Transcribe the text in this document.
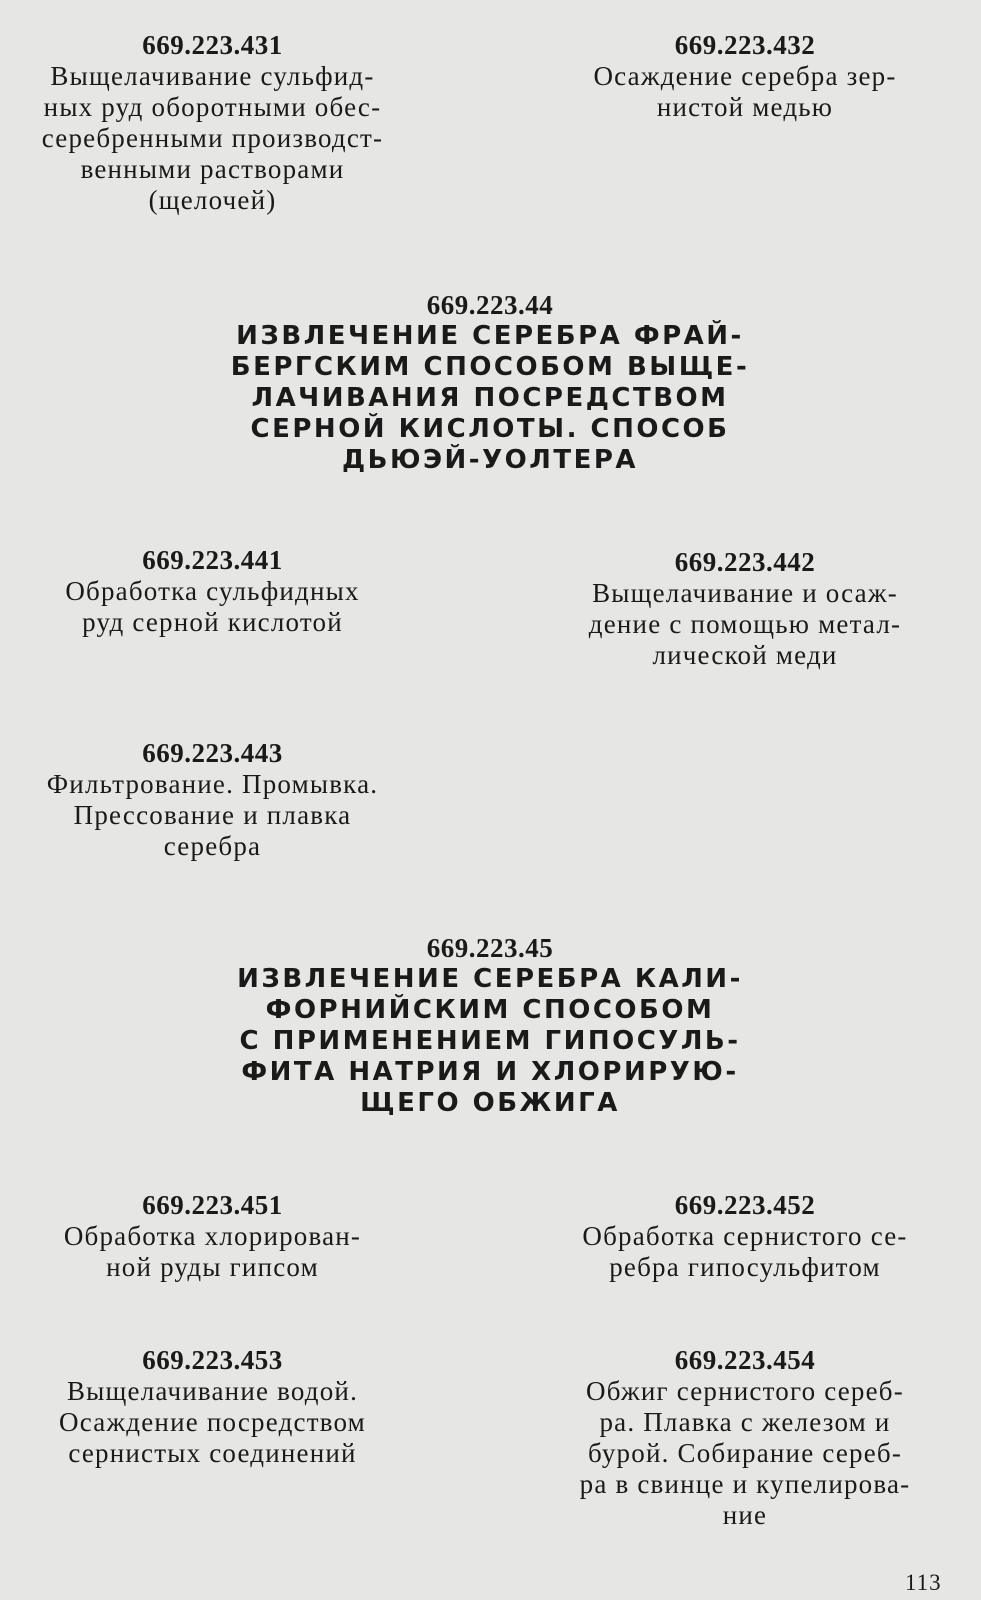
669.223.431
Выщелачивание сульфид-
ных руд оборотными обес-
серебренными производст-
венными растворами
(щелочей)
669.223.432
Осаждение серебра зер-
нистой медью
669.223.44
ИЗВЛЕЧЕНИЕ СЕРЕБРА ФРАЙ-
БЕРГСКИМ СПОСОБОМ ВЫЩЕ-
ЛАЧИВАНИЯ ПОСРЕДСТВОМ
СЕРНОЙ КИСЛОТЫ. СПОСОБ
ДЬЮЭЙ-УОЛТЕРА
669.223.441
Обработка сульфидных
руд серной кислотой
669.223.442
Выщелачивание и осаж-
дение с помощью метал-
лической меди
669.223.443
Фильтрование. Промывка.
Прессование и плавка
серебра
669.223.45
ИЗВЛЕЧЕНИЕ СЕРЕБРА КАЛИ-
ФОРНИЙСКИМ СПОСОБОМ
С ПРИМЕНЕНИЕМ ГИПОСУЛЬ-
ФИТА НАТРИЯ И ХЛОРИРУЮ-
ЩЕГО ОБЖИГА
669.223.451
Обработка хлорирован-
ной руды гипсом
669.223.452
Обработка сернистого се-
ребра гипосульфитом
669.223.453
Выщелачивание водой.
Осаждение посредством
сернистых соединений
669.223.454
Обжиг сернистого сереб-
ра. Плавка с железом и
бурой. Собирание сереб-
ра в свинце и купелирова-
ние
113
